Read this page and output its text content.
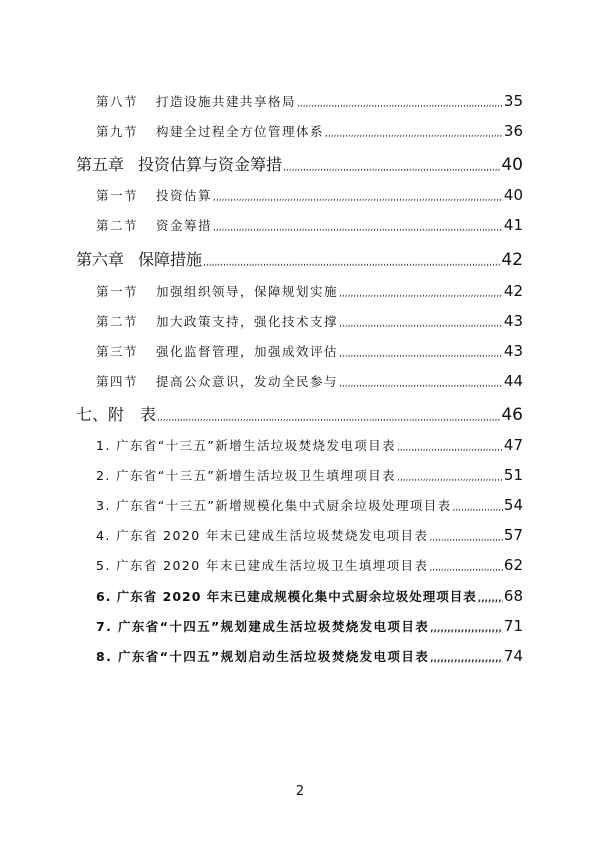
第八节 打造设施共建共享格局 ,,,,,,,,,,,,,,,,,,,,,,,,,,,,,,,,,,,,,,,,,,,,,,,,,,,,,,,,,,,,,,,,,,,,,,,,,,,,,,,,,,,,,,,,,,,,,,,,,,,,,,,,,,,,,,,,,,,,,,,,	35
第九节 构建全过程全方位管理体系 ,,,,,,,,,,,,,,,,,,,,,,,,,,,,,,,,,,,,,,,,,,,,,,,,,,,,,,,,,,,,,,,,,,,,,,,,,,,,,,,,,,,,,,,,,,,,,,,,,,,,,,,,,,,,,,,,,,,,,,,,	36
第五章 投资估算与资金筹措 ,,,,,,,,,,,,,,,,,,,,,,,,,,,,,,,,,,,,,,,,,,,,,,,,,,,,,,,,,,,,,,,,,,,,,,,,,,,,,,,,,,,,,,,,,,,,,,,,,,,,,,,,,,,,,,,,,,,,,,,,	40
第一节 投资估算 ,,,,,,,,,,,,,,,,,,,,,,,,,,,,,,,,,,,,,,,,,,,,,,,,,,,,,,,,,,,,,,,,,,,,,,,,,,,,,,,,,,,,,,,,,,,,,,,,,,,,,,,,,,,,,,,,,,,,,,,,	40
第二节 资金筹措 ,,,,,,,,,,,,,,,,,,,,,,,,,,,,,,,,,,,,,,,,,,,,,,,,,,,,,,,,,,,,,,,,,,,,,,,,,,,,,,,,,,,,,,,,,,,,,,,,,,,,,,,,,,,,,,,,,,,,,,,,	41
第六章 保障措施 ,,,,,,,,,,,,,,,,,,,,,,,,,,,,,,,,,,,,,,,,,,,,,,,,,,,,,,,,,,,,,,,,,,,,,,,,,,,,,,,,,,,,,,,,,,,,,,,,,,,,,,,,,,,,,,,,,,,,,,,,	42
第一节 加强组织领导，保障规划实施 ,,,,,,,,,,,,,,,,,,,,,,,,,,,,,,,,,,,,,,,,,,,,,,,,,,,,,,,,,,,,,,,,,,,,,,,,,,,,,,,,,,,,,,,,,,,,,,,,,,,,,,,,,,,,,,,,,,,,,,,,	42
第二节 加大政策支持，强化技术支撑 ,,,,,,,,,,,,,,,,,,,,,,,,,,,,,,,,,,,,,,,,,,,,,,,,,,,,,,,,,,,,,,,,,,,,,,,,,,,,,,,,,,,,,,,,,,,,,,,,,,,,,,,,,,,,,,,,,,,,,,,,	43
第三节 强化监督管理，加强成效评估 ,,,,,,,,,,,,,,,,,,,,,,,,,,,,,,,,,,,,,,,,,,,,,,,,,,,,,,,,,,,,,,,,,,,,,,,,,,,,,,,,,,,,,,,,,,,,,,,,,,,,,,,,,,,,,,,,,,,,,,,,	43
第四节 提高公众意识，发动全民参与 ,,,,,,,,,,,,,,,,,,,,,,,,,,,,,,,,,,,,,,,,,,,,,,,,,,,,,,,,,,,,,,,,,,,,,,,,,,,,,,,,,,,,,,,,,,,,,,,,,,,,,,,,,,,,,,,,,,,,,,,,	44
七、附　表 ,,,,,,,,,,,,,,,,,,,,,,,,,,,,,,,,,,,,,,,,,,,,,,,,,,,,,,,,,,,,,,,,,,,,,,,,,,,,,,,,,,,,,,,,,,,,,,,,,,,,,,,,,,,,,,,,,,,,,,,,	46
1. 广东省“十三五”新增生活垃圾焚烧发电项目表 ,,,,,,,,,,,,,,,,,,,,,,,,,,,,,,,,,,,,,,,,,,,,,,,,,,,,,,,,,,,,,,,,,,,,,,,,,,,,,,,,,,,,,,,,,,,,,,,,,,,,,,,,,,,,,,,,,,,,,,,,	47
2. 广东省“十三五”新增生活垃圾卫生填埋项目表 ,,,,,,,,,,,,,,,,,,,,,,,,,,,,,,,,,,,,,,,,,,,,,,,,,,,,,,,,,,,,,,,,,,,,,,,,,,,,,,,,,,,,,,,,,,,,,,,,,,,,,,,,,,,,,,,,,,,,,,,,	51
3. 广东省“十三五”新增规模化集中式厨余垃圾处理项目表 ,,,,,,,,,,,,,,,,,,,,,,,,,,,,,,,,,,,,,,,,,,,,,,,,,,,,,,,,,,,,,,,,,,,,,,,,,,,,,,,,,,,,,,,,,,,,,,,,,,,,,,,,,,,,,,,,,,,,,,,,	54
4. 广东省 2020 年末已建成生活垃圾焚烧发电项目表 ,,,,,,,,,,,,,,,,,,,,,,,,,,,,,,,,,,,,,,,,,,,,,,,,,,,,,,,,,,,,,,,,,,,,,,,,,,,,,,,,,,,,,,,,,,,,,,,,,,,,,,,,,,,,,,,,,,,,,,,,	57
5. 广东省 2020 年末已建成生活垃圾卫生填埋项目表 ,,,,,,,,,,,,,,,,,,,,,,,,,,,,,,,,,,,,,,,,,,,,,,,,,,,,,,,,,,,,,,,,,,,,,,,,,,,,,,,,,,,,,,,,,,,,,,,,,,,,,,,,,,,,,,,,,,,,,,,,	62
6. 广东省 2020 年末已建成规模化集中式厨余垃圾处理项目表 ,,,,,,,,,,,,,,,,,,,,,,,,,,,,,,,,,,,,,,,,,,,,,,,,,,,,,,,,,,,,,,,,,,,,,,,,,,,,,,,,,,,,,,,,,,,,,,,,,,,,,,,,,,,,,,,,,,,,,,,, 68
7. 广东省“十四五”规划建成生活垃圾焚烧发电项目表 ,,,,,,,,,,,,,,,,,,,,,,,,,,,,,,,,,,,,,,,,,,,,,,,,,,,,,,,,,,,,,,,,,,,,,,,,,,,,,,,,,,,,,,,,,,,,,,,,,,,,,,,,,,,,,,,,,,,,,,,,	71
8. 广东省“十四五”规划启动生活垃圾焚烧发电项目表 ,,,,,,,,,,,,,,,,,,,,,,,,,,,,,,,,,,,,,,,,,,,,,,,,,,,,,,,,,,,,,,,,,,,,,,,,,,,,,,,,,,,,,,,,,,,,,,,,,,,,,,,,,,,,,,,,,,,,,,,,	74
2
